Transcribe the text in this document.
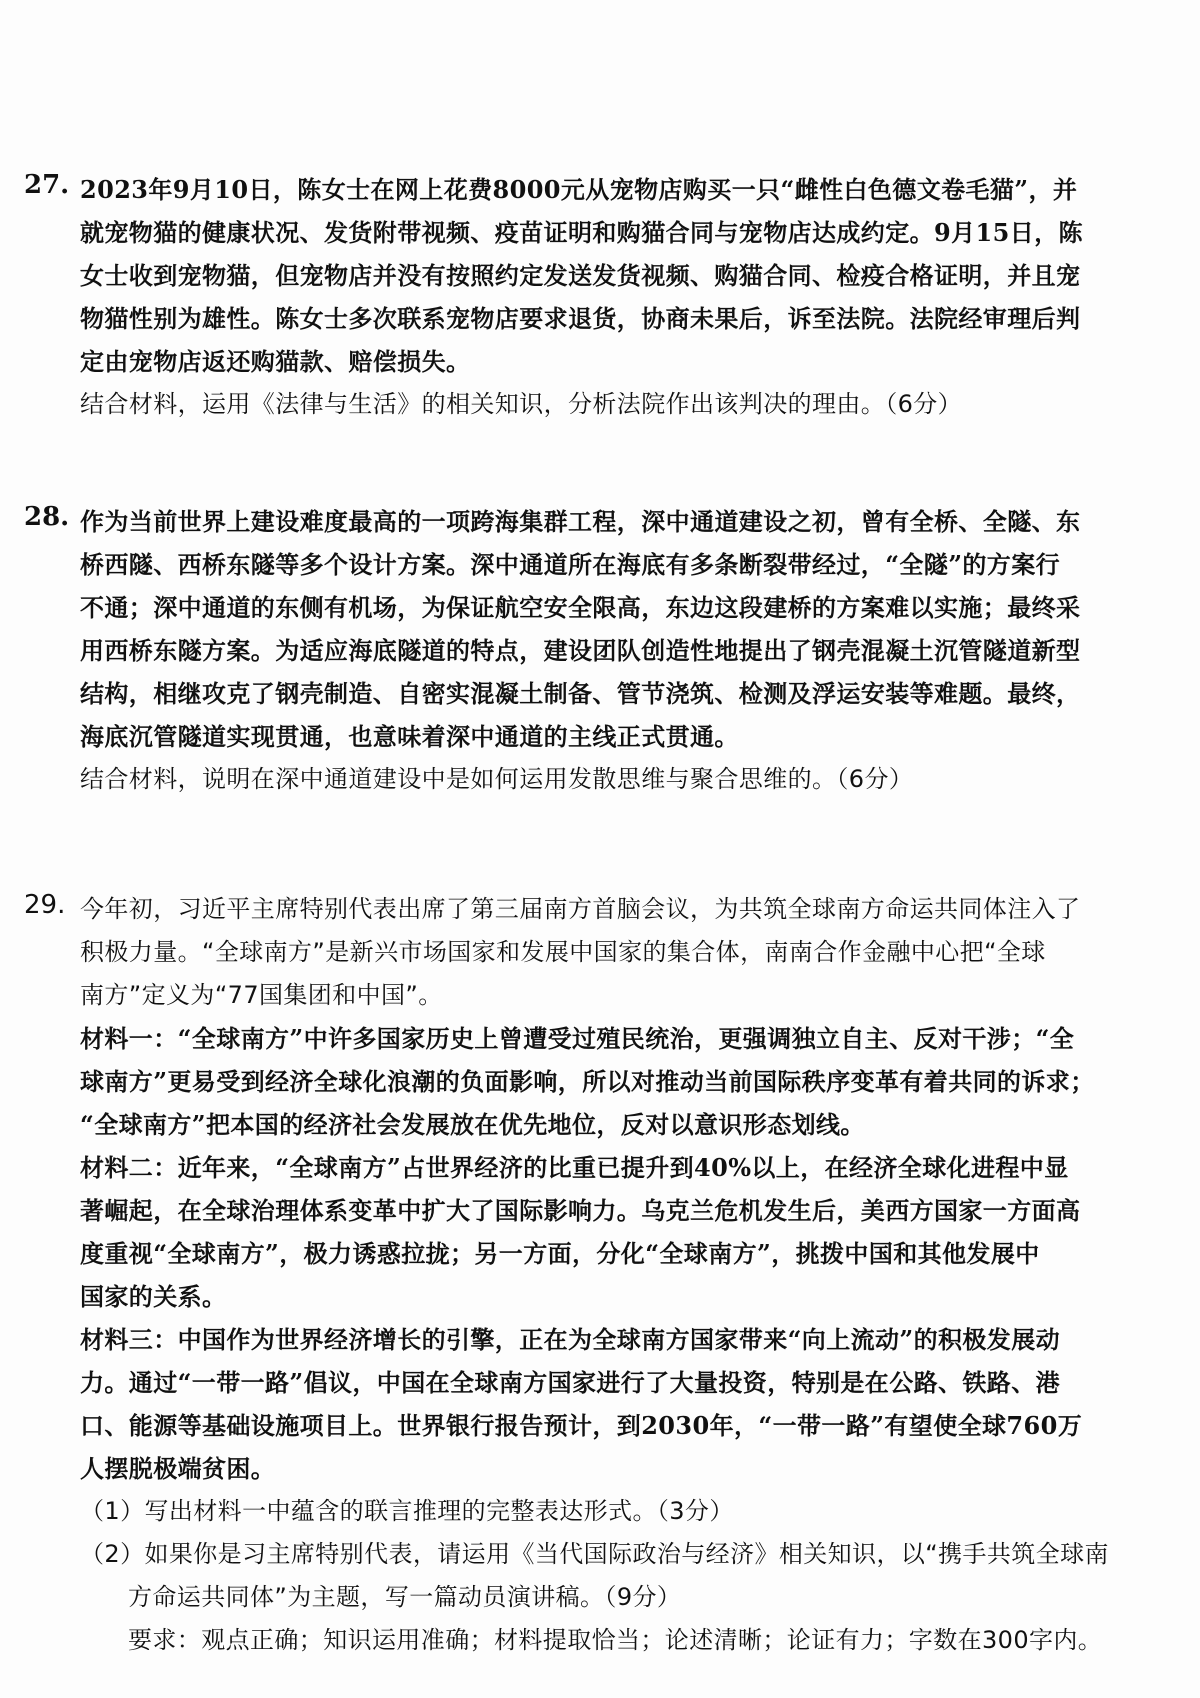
27. 2023年9月10日，陈女士在网上花费8000元从宠物店购买一只“雌性白色德文卷毛猫”，并
就宠物猫的健康状况、发货附带视频、疫苗证明和购猫合同与宠物店达成约定。9月15日，陈
女士收到宠物猫，但宠物店并没有按照约定发送发货视频、购猫合同、检疫合格证明，并且宠
物猫性别为雄性。陈女士多次联系宠物店要求退货，协商未果后，诉至法院。法院经审理后判
定由宠物店返还购猫款、赔偿损失。
结合材料，运用《法律与生活》的相关知识，分析法院作出该判决的理由。（6分）
28. 作为当前世界上建设难度最高的一项跨海集群工程，深中通道建设之初，曾有全桥、全隧、东
桥西隧、西桥东隧等多个设计方案。深中通道所在海底有多条断裂带经过，“全隧”的方案行
不通；深中通道的东侧有机场，为保证航空安全限高，东边这段建桥的方案难以实施；最终采
用西桥东隧方案。为适应海底隧道的特点，建设团队创造性地提出了钢壳混凝土沉管隧道新型
结构，相继攻克了钢壳制造、自密实混凝土制备、管节浇筑、检测及浮运安装等难题。最终，
海底沉管隧道实现贯通，也意味着深中通道的主线正式贯通。
结合材料，说明在深中通道建设中是如何运用发散思维与聚合思维的。（6分）
29. 今年初，习近平主席特别代表出席了第三届南方首脑会议，为共筑全球南方命运共同体注入了
积极力量。“全球南方”是新兴市场国家和发展中国家的集合体，南南合作金融中心把“全球
南方”定义为“77国集团和中国”。
材料一：“全球南方”中许多国家历史上曾遭受过殖民统治，更强调独立自主、反对干涉；“全
球南方”更易受到经济全球化浪潮的负面影响，所以对推动当前国际秩序变革有着共同的诉求；
“全球南方”把本国的经济社会发展放在优先地位，反对以意识形态划线。
材料二：近年来，“全球南方”占世界经济的比重已提升到40%以上，在经济全球化进程中显
著崛起，在全球治理体系变革中扩大了国际影响力。乌克兰危机发生后，美西方国家一方面高
度重视“全球南方”，极力诱惑拉拢；另一方面，分化“全球南方”，挑拨中国和其他发展中
国家的关系。
材料三：中国作为世界经济增长的引擎，正在为全球南方国家带来“向上流动”的积极发展动
力。通过“一带一路”倡议，中国在全球南方国家进行了大量投资，特别是在公路、铁路、港
口、能源等基础设施项目上。世界银行报告预计，到2030年，“一带一路”有望使全球760万
人摆脱极端贫困。
（1）写出材料一中蕴含的联言推理的完整表达形式。（3分）
（2）如果你是习主席特别代表，请运用《当代国际政治与经济》相关知识，以“携手共筑全球南
方命运共同体”为主题，写一篇动员演讲稿。（9分）
要求：观点正确；知识运用准确；材料提取恰当；论述清晰；论证有力；字数在300字内。
